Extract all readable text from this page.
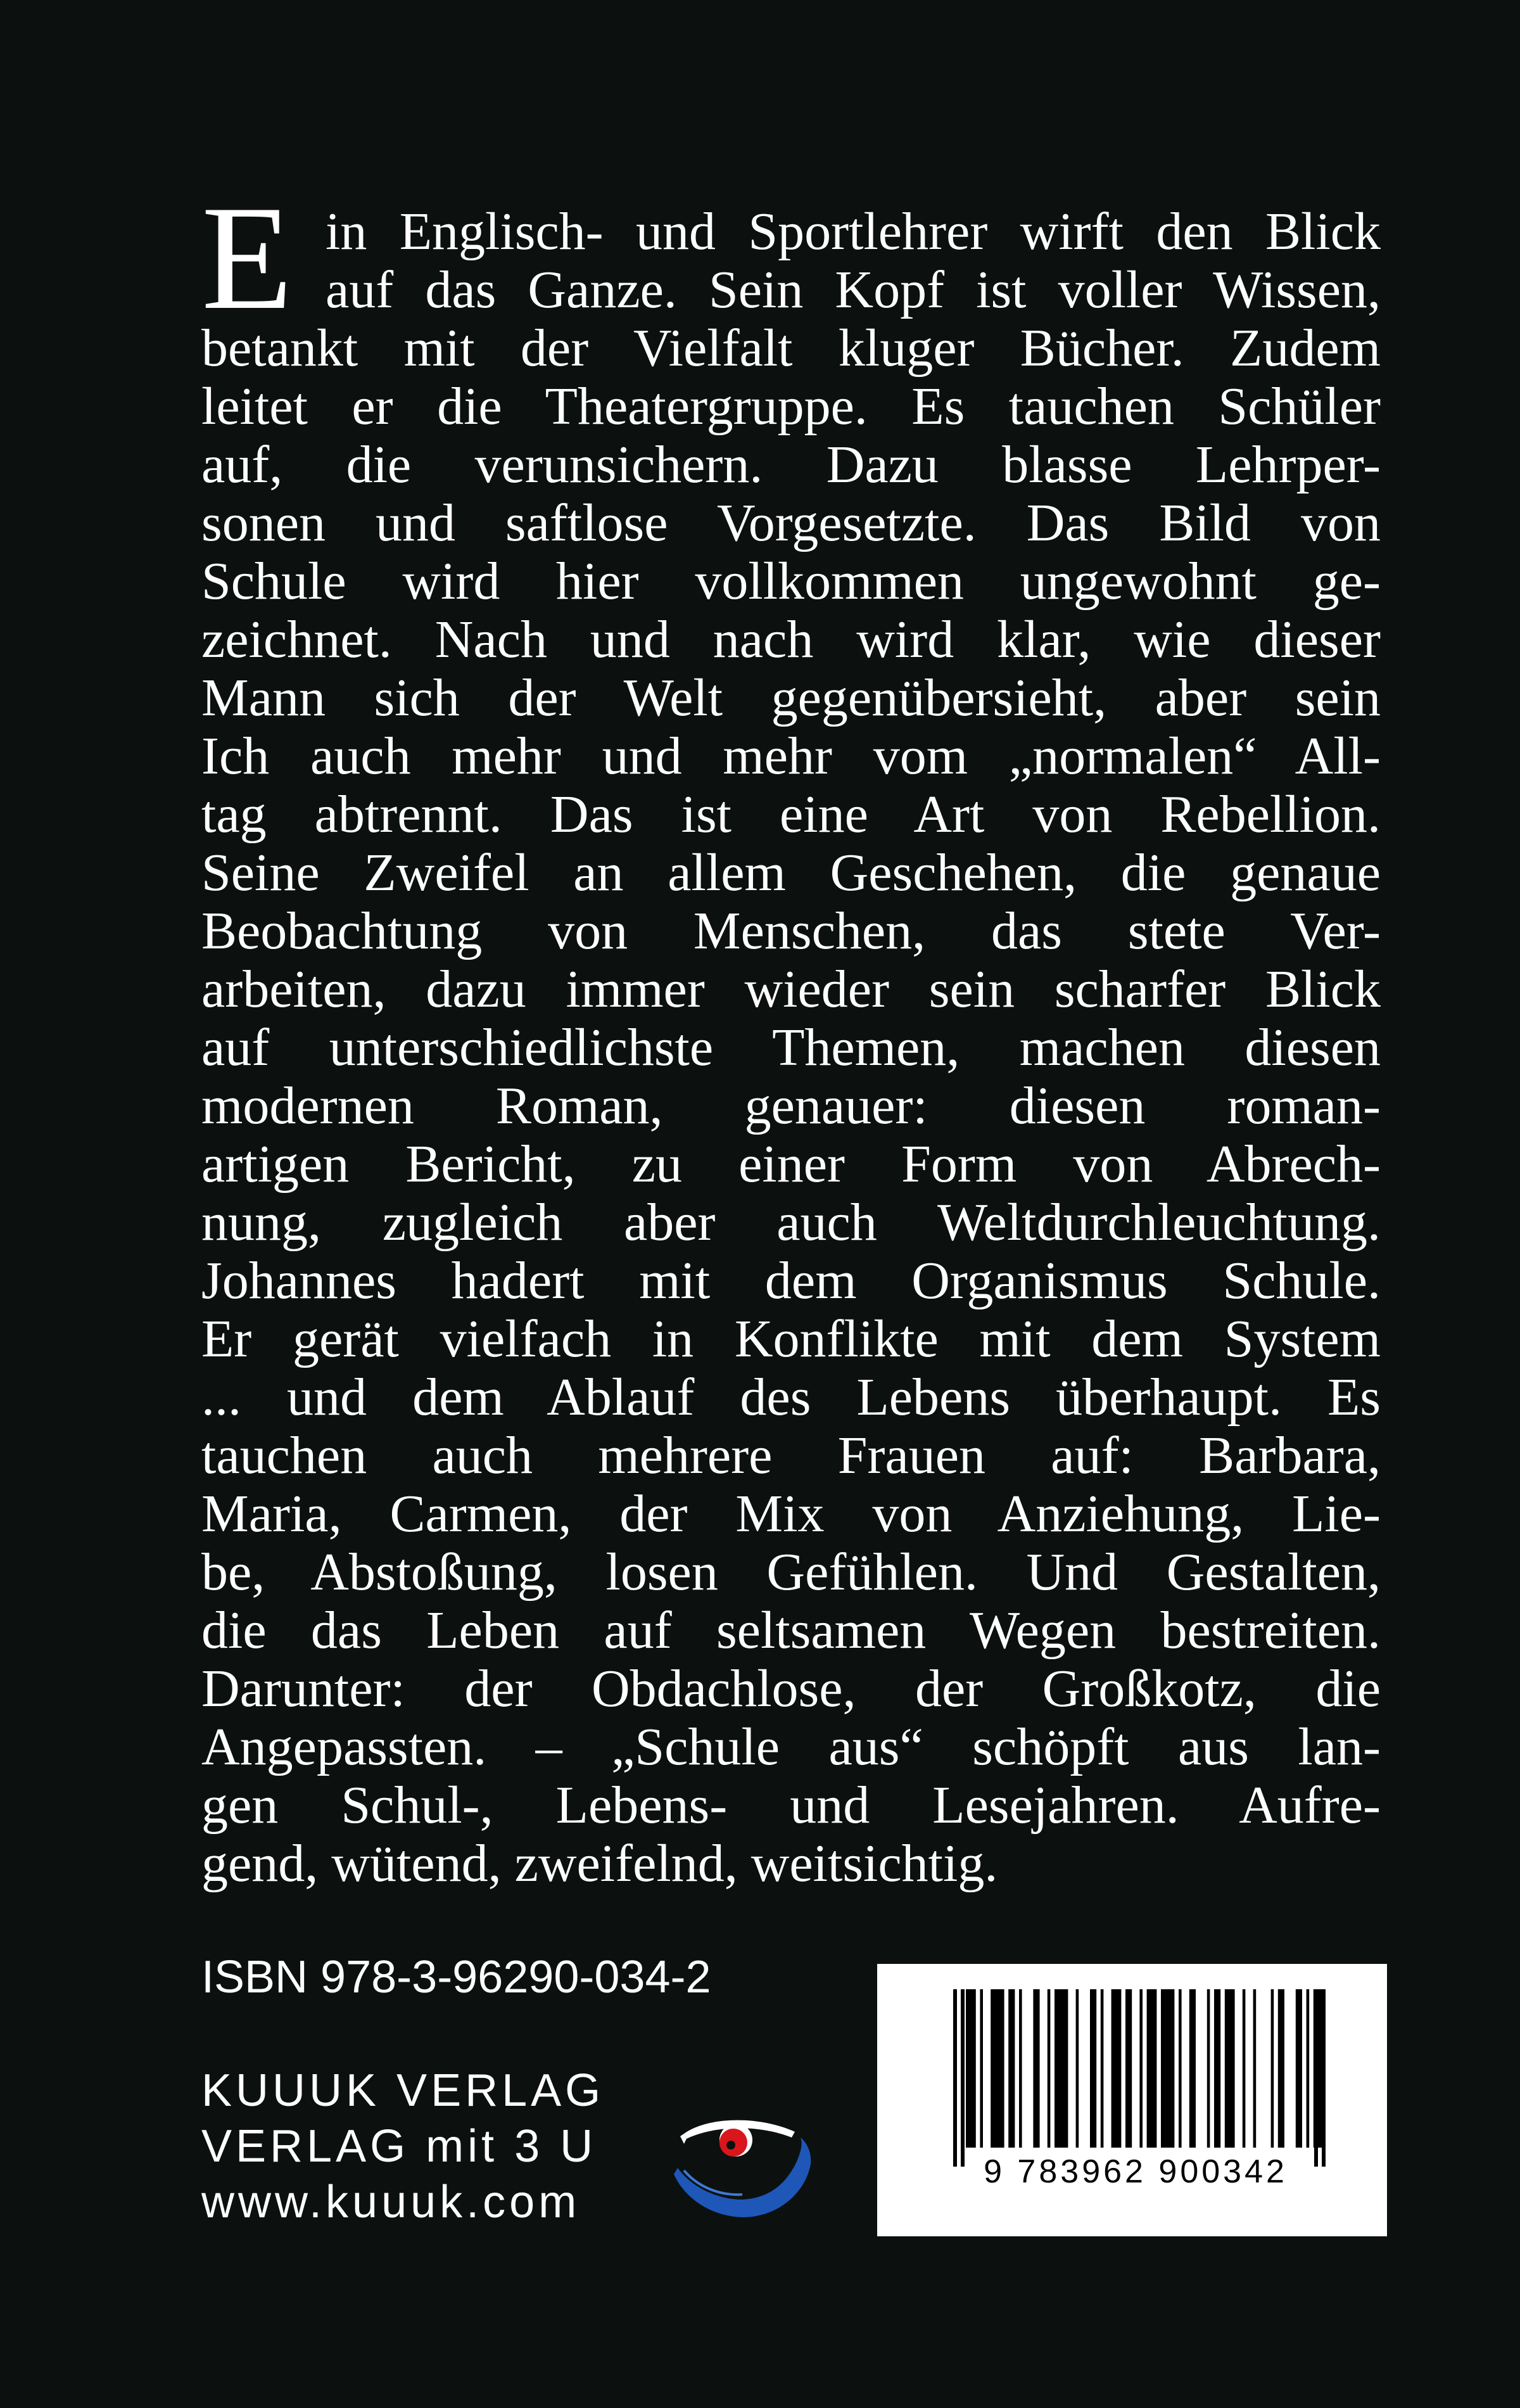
E in Englisch- und Sportlehrer wirft den Blick
auf das Ganze. Sein Kopf ist voller Wissen,
betankt mit der Vielfalt kluger Bücher. Zudem
leitet er die Theatergruppe. Es tauchen Schüler
auf, die verunsichern. Dazu blasse Lehrper-
sonen und saftlose Vorgesetzte. Das Bild von
Schule wird hier vollkommen ungewohnt ge-
zeichnet. Nach und nach wird klar, wie dieser
Mann sich der Welt gegenübersieht, aber sein
Ich auch mehr und mehr vom „normalen“ All-
tag abtrennt. Das ist eine Art von Rebellion.
Seine Zweifel an allem Geschehen, die genaue
Beobachtung von Menschen, das stete Ver-
arbeiten, dazu immer wieder sein scharfer Blick
auf unterschiedlichste Themen, machen diesen
modernen Roman, genauer: diesen roman-
artigen Bericht, zu einer Form von Abrech-
nung, zugleich aber auch Weltdurchleuchtung.
Johannes hadert mit dem Organismus Schule.
Er gerät vielfach in Konflikte mit dem System
... und dem Ablauf des Lebens überhaupt. Es
tauchen auch mehrere Frauen auf: Barbara,
Maria, Carmen, der Mix von Anziehung, Lie-
be, Abstoßung, losen Gefühlen. Und Gestalten,
die das Leben auf seltsamen Wegen bestreiten.
Darunter: der Obdachlose, der Großkotz, die
Angepassten. – „Schule aus“ schöpft aus lan-
gen Schul-, Lebens- und Lesejahren. Aufre-
gend, wütend, zweifelnd, weitsichtig.
ISBN 978-3-96290-034-2
KUUUK VERLAG
VERLAG mit 3 U
www.kuuuk.com
9 783962 900342
